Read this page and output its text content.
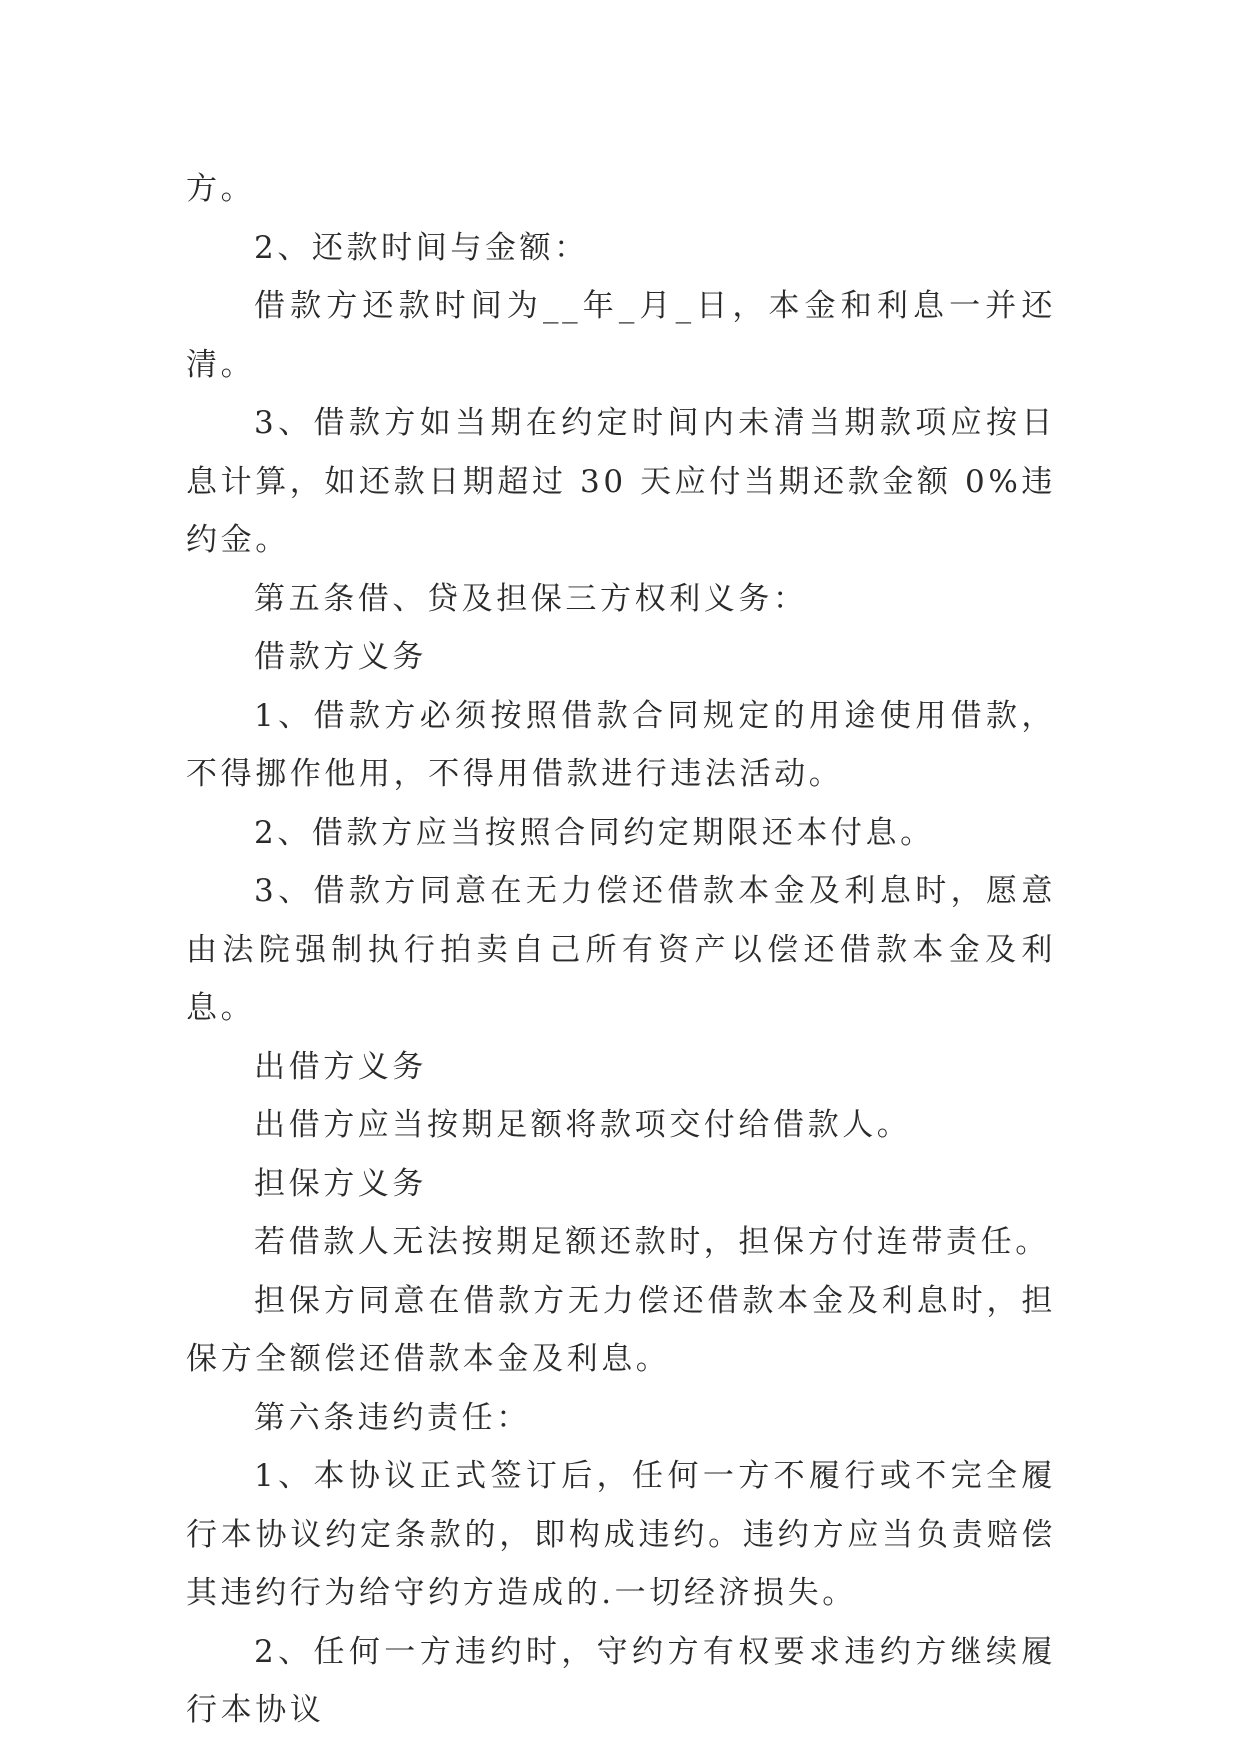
方。

2、还款时间与金额：

借款方还款时间为__年_月_日，本金和利息一并还清。

3、借款方如当期在约定时间内未清当期款项应按日息计算，如还款日期超过 30 天应付当期还款金额 0%违约金。

第五条借、贷及担保三方权利义务：

借款方义务

1、借款方必须按照借款合同规定的用途使用借款，不得挪作他用，不得用借款进行违法活动。

2、借款方应当按照合同约定期限还本付息。

3、借款方同意在无力偿还借款本金及利息时，愿意由法院强制执行拍卖自己所有资产以偿还借款本金及利息。

出借方义务

出借方应当按期足额将款项交付给借款人。

担保方义务

若借款人无法按期足额还款时，担保方付连带责任。

担保方同意在借款方无力偿还借款本金及利息时，担保方全额偿还借款本金及利息。

第六条违约责任：

1、本协议正式签订后，任何一方不履行或不完全履行本协议约定条款的，即构成违约。违约方应当负责赔偿其违约行为给守约方造成的.一切经济损失。

2、任何一方违约时，守约方有权要求违约方继续履行本协议
